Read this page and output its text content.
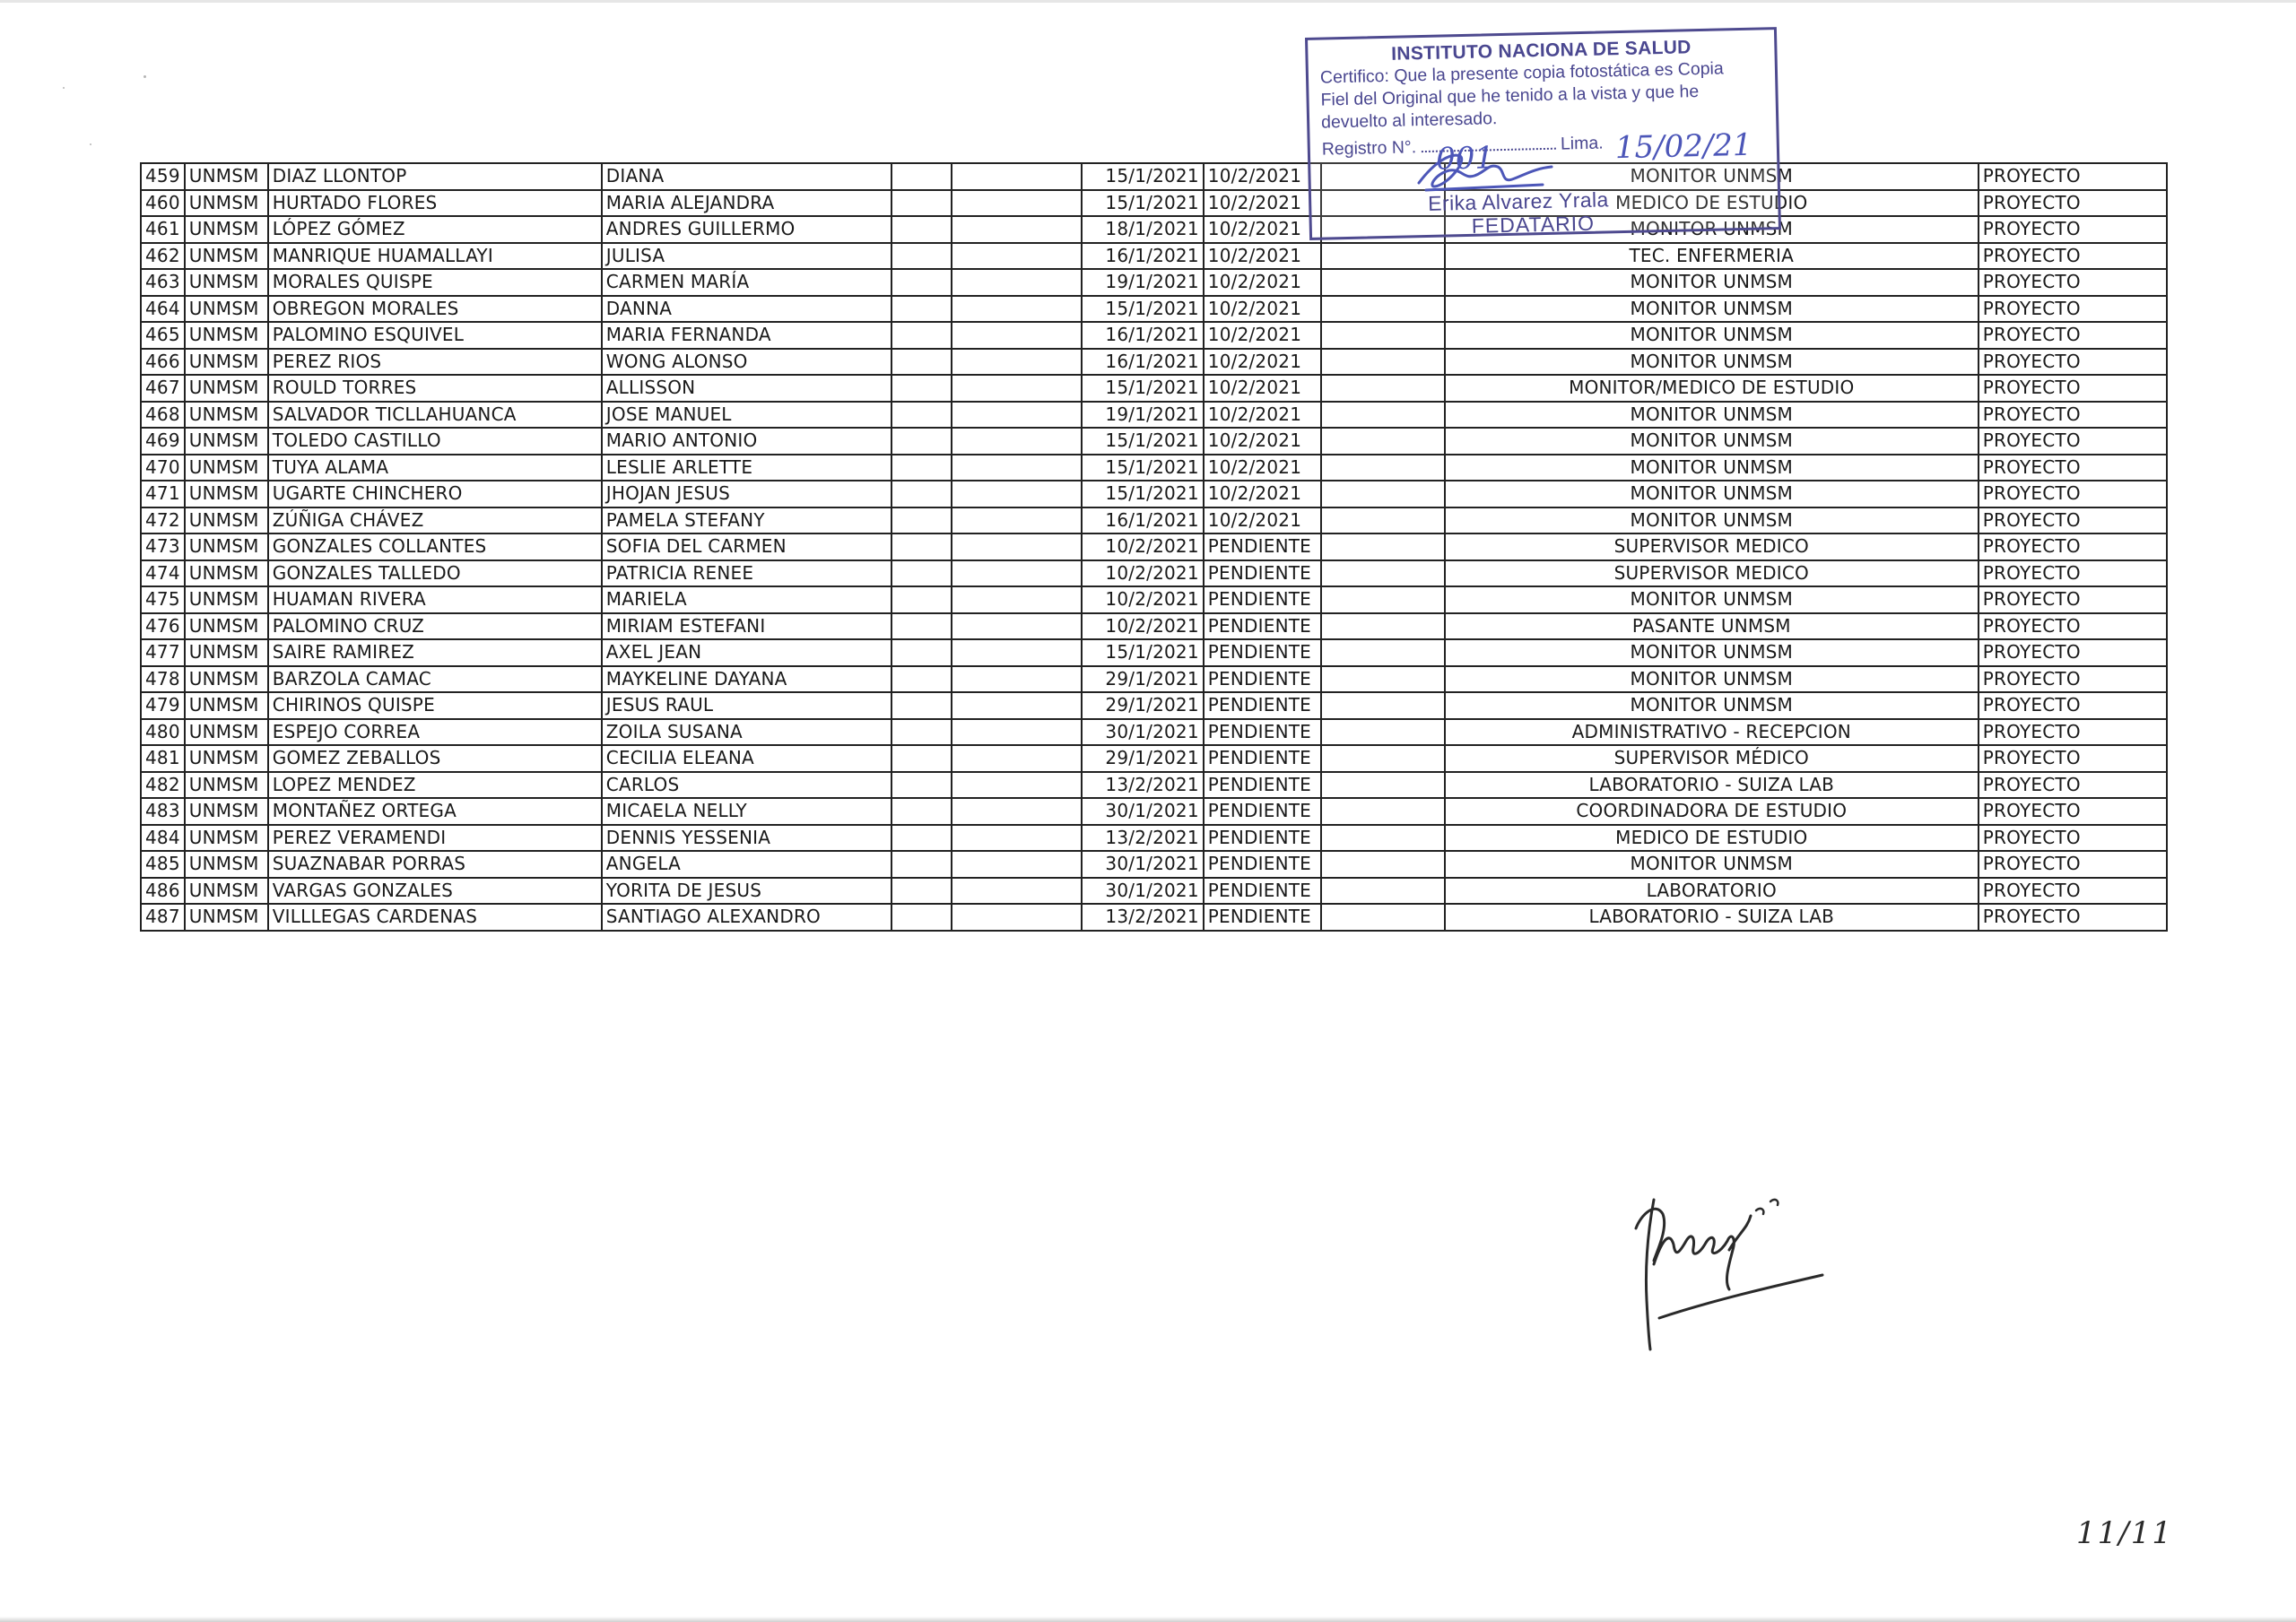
459	UNMSM	DIAZ LLONTOP	DIANA			15/1/2021	10/2/2021		MONITOR UNMSM	PROYECTO
460	UNMSM	HURTADO FLORES	MARIA ALEJANDRA			15/1/2021	10/2/2021		MEDICO DE ESTUDIO	PROYECTO
461	UNMSM	LÓPEZ GÓMEZ	ANDRES GUILLERMO			18/1/2021	10/2/2021		MONITOR UNMSM	PROYECTO
462	UNMSM	MANRIQUE HUAMALLAYI	JULISA			16/1/2021	10/2/2021		TEC. ENFERMERIA	PROYECTO
463	UNMSM	MORALES QUISPE	CARMEN MARÍA			19/1/2021	10/2/2021		MONITOR UNMSM	PROYECTO
464	UNMSM	OBREGON MORALES	DANNA			15/1/2021	10/2/2021		MONITOR UNMSM	PROYECTO
465	UNMSM	PALOMINO ESQUIVEL	MARIA FERNANDA			16/1/2021	10/2/2021		MONITOR UNMSM	PROYECTO
466	UNMSM	PEREZ RIOS	WONG ALONSO			16/1/2021	10/2/2021		MONITOR UNMSM	PROYECTO
467	UNMSM	ROULD TORRES	ALLISSON			15/1/2021	10/2/2021		MONITOR/MEDICO DE ESTUDIO	PROYECTO
468	UNMSM	SALVADOR TICLLAHUANCA	JOSE MANUEL			19/1/2021	10/2/2021		MONITOR UNMSM	PROYECTO
469	UNMSM	TOLEDO CASTILLO	MARIO ANTONIO			15/1/2021	10/2/2021		MONITOR UNMSM	PROYECTO
470	UNMSM	TUYA ALAMA	LESLIE ARLETTE			15/1/2021	10/2/2021		MONITOR UNMSM	PROYECTO
471	UNMSM	UGARTE CHINCHERO	JHOJAN JESUS			15/1/2021	10/2/2021		MONITOR UNMSM	PROYECTO
472	UNMSM	ZÚÑIGA CHÁVEZ	PAMELA STEFANY			16/1/2021	10/2/2021		MONITOR UNMSM	PROYECTO
473	UNMSM	GONZALES COLLANTES	SOFIA DEL CARMEN			10/2/2021	PENDIENTE		SUPERVISOR MEDICO	PROYECTO
474	UNMSM	GONZALES TALLEDO	PATRICIA RENEE			10/2/2021	PENDIENTE		SUPERVISOR MEDICO	PROYECTO
475	UNMSM	HUAMAN RIVERA	MARIELA			10/2/2021	PENDIENTE		MONITOR UNMSM	PROYECTO
476	UNMSM	PALOMINO CRUZ	MIRIAM ESTEFANI			10/2/2021	PENDIENTE		PASANTE UNMSM	PROYECTO
477	UNMSM	SAIRE RAMIREZ	AXEL JEAN			15/1/2021	PENDIENTE		MONITOR UNMSM	PROYECTO
478	UNMSM	BARZOLA CAMAC	MAYKELINE DAYANA			29/1/2021	PENDIENTE		MONITOR UNMSM	PROYECTO
479	UNMSM	CHIRINOS QUISPE	JESUS RAUL			29/1/2021	PENDIENTE		MONITOR UNMSM	PROYECTO
480	UNMSM	ESPEJO CORREA	ZOILA SUSANA			30/1/2021	PENDIENTE		ADMINISTRATIVO - RECEPCION	PROYECTO
481	UNMSM	GOMEZ ZEBALLOS	CECILIA ELEANA			29/1/2021	PENDIENTE		SUPERVISOR MÉDICO	PROYECTO
482	UNMSM	LOPEZ MENDEZ	CARLOS			13/2/2021	PENDIENTE		LABORATORIO - SUIZA LAB	PROYECTO
483	UNMSM	MONTAÑEZ ORTEGA	MICAELA NELLY			30/1/2021	PENDIENTE		COORDINADORA DE ESTUDIO	PROYECTO
484	UNMSM	PEREZ VERAMENDI	DENNIS YESSENIA			13/2/2021	PENDIENTE		MEDICO DE ESTUDIO	PROYECTO
485	UNMSM	SUAZNABAR PORRAS	ANGELA			30/1/2021	PENDIENTE		MONITOR UNMSM	PROYECTO
486	UNMSM	VARGAS GONZALES	YORITA DE JESUS			30/1/2021	PENDIENTE		LABORATORIO	PROYECTO
487	UNMSM	VILLLEGAS CARDENAS	SANTIAGO ALEXANDRO			13/2/2021	PENDIENTE		LABORATORIO - SUIZA LAB	PROYECTO
INSTITUTO NACIONA DE SALUD
Certifico: Que la presente copia fotostática es Copia
Fiel del Original que he tenido a la vista y que he
devuelto al interesado.
Registro N°.	Lima.
001	15/02/21
Erika Alvarez Yrala
FEDATARIO
11/11
